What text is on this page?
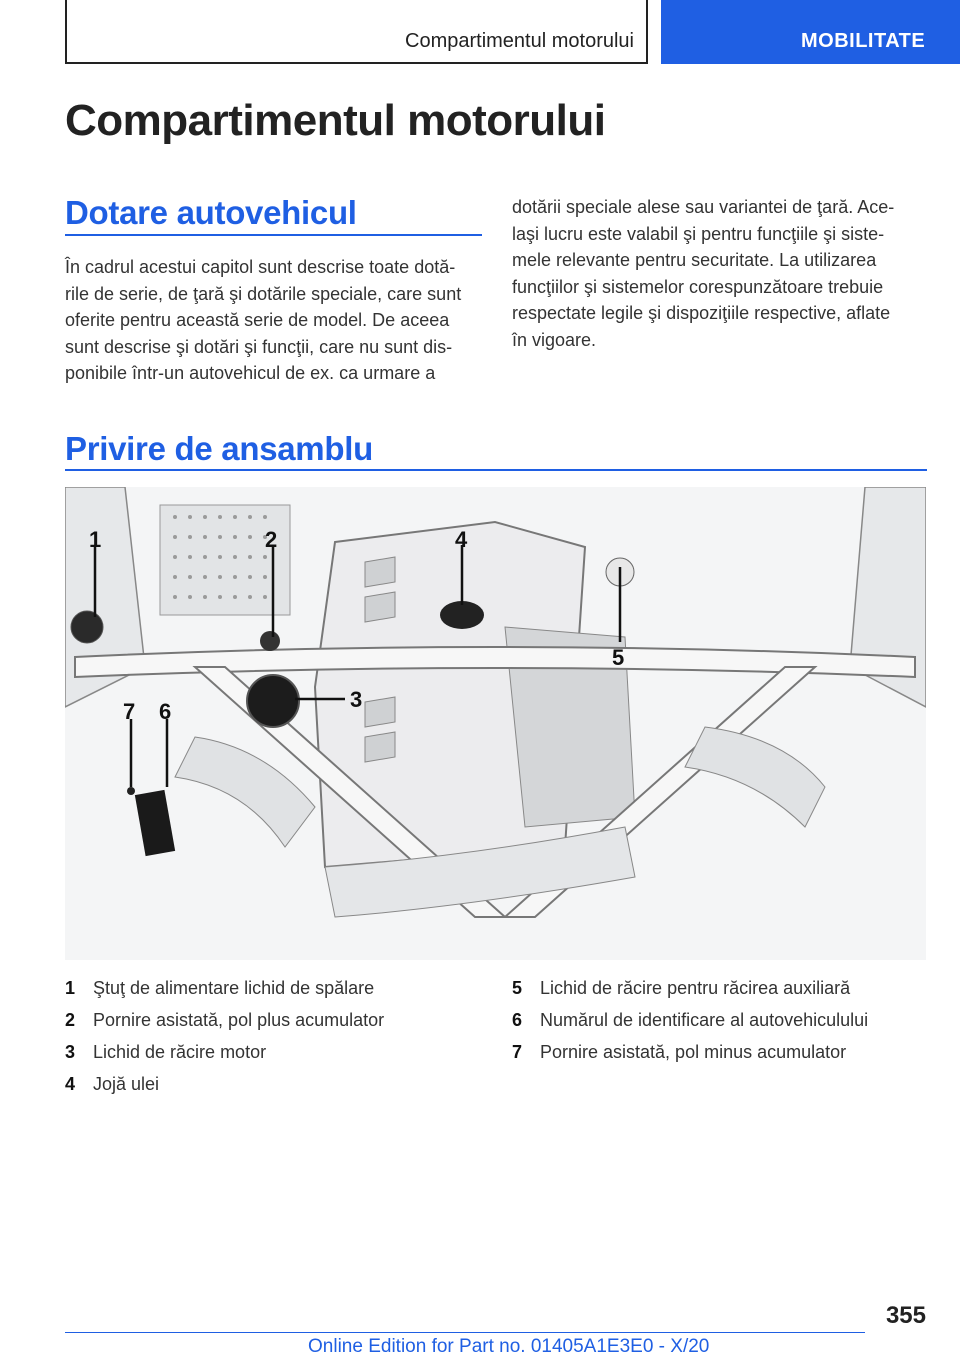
Compartimentul motorului	MOBILITATE
Compartimentul motorului
Dotare autovehicul
În cadrul acestui capitol sunt descrise toate dotă-
rile de serie, de ţară şi dotările speciale, care sunt
oferite pentru această serie de model. De aceea
sunt descrise şi dotări şi funcţii, care nu sunt dis-
ponibile într-un autovehicul de ex. ca urmare a
dotării speciale alese sau variantei de ţară. Ace-
laşi lucru este valabil şi pentru funcţiile şi siste-
mele relevante pentru securitate. La utilizarea
funcţiilor şi sistemelor corespunzătoare trebuie
respectate legile şi dispoziţiile respective, aflate
în vigoare.
Privire de ansamblu
1	2
3
4
5
6
7
1 Ştuţ de alimentare lichid de spălare
2 Pornire asistată, pol plus acumulator
3 Lichid de răcire motor
4 Jojă ulei
5 Lichid de răcire pentru răcirea auxiliară
6 Numărul de identificare al autovehiculului
7 Pornire asistată, pol minus acumulator
355
Online Edition for Part no. 01405A1E3E0 - X/20
